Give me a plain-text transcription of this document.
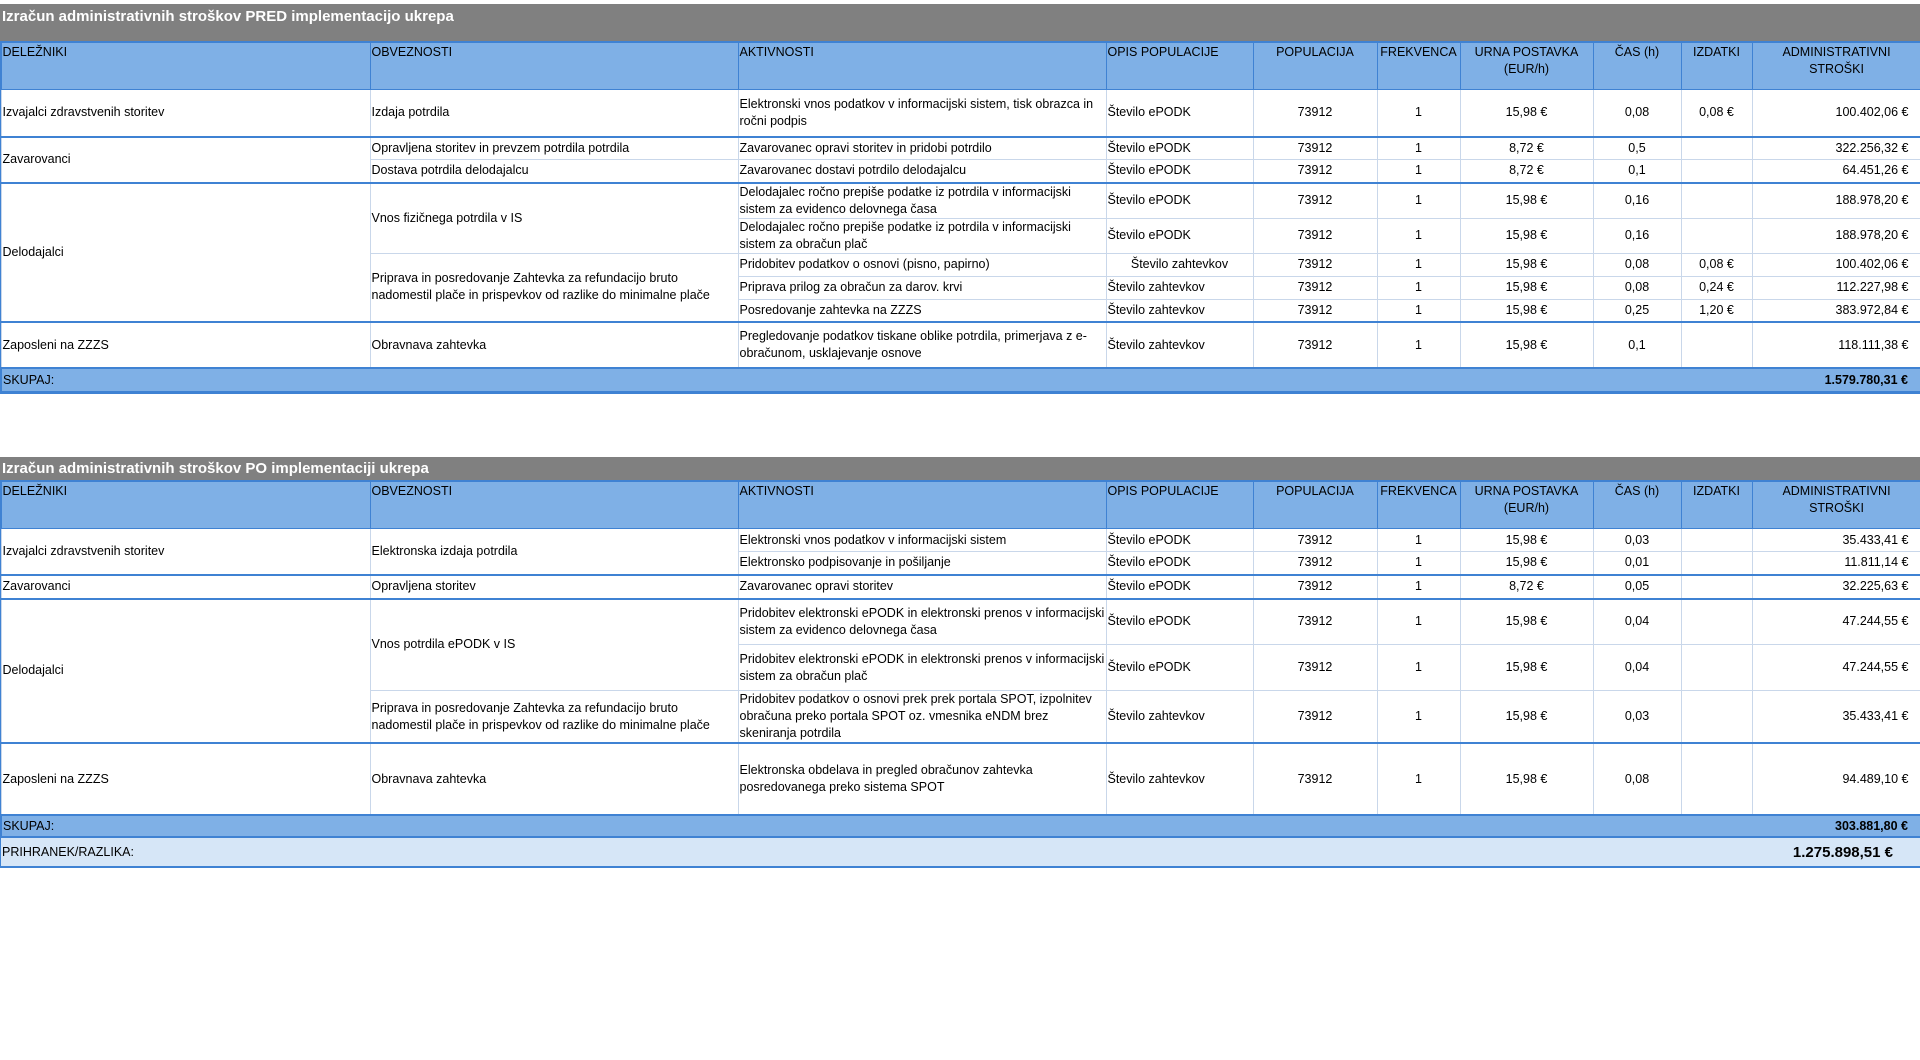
Izračun administrativnih stroškov PRED implementacijo ukrepa
DELEŽNIKI	OBVEZNOSTI	AKTIVNOSTI	OPIS POPULACIJE	POPULACIJA	FREKVENCA	URNA POSTAVKA (EUR/h)	ČAS (h)	IZDATKI	ADMINISTRATIVNI STROŠKI
Izvajalci zdravstvenih storitev	Izdaja potrdila	Elektronski vnos podatkov v informacijski sistem, tisk obrazca in ročni podpis	Število ePODK	73912	1	15,98 €	0,08	0,08 €	100.402,06 €
Zavarovanci	Opravljena storitev in prevzem potrdila potrdila	Zavarovanec opravi storitev in pridobi potrdilo	Število ePODK	73912	1	8,72 €	0,5		322.256,32 €
	Dostava potrdila delodajalcu	Zavarovanec dostavi potrdilo delodajalcu	Število ePODK	73912	1	8,72 €	0,1		64.451,26 €
Delodajalci	Vnos fizičnega potrdila v IS	Delodajalec ročno prepiše podatke iz potrdila v informacijski sistem za evidenco delovnega časa	Število ePODK	73912	1	15,98 €	0,16		188.978,20 €
		Delodajalec ročno prepiše podatke iz potrdila v informacijski sistem za obračun plač	Število ePODK	73912	1	15,98 €	0,16		188.978,20 €
	Priprava in posredovanje Zahtevka za refundacijo bruto nadomestil plače in prispevkov od razlike do minimalne plače	Pridobitev podatkov o osnovi (pisno, papirno)	Število zahtevkov	73912	1	15,98 €	0,08	0,08 €	100.402,06 €
		Priprava prilog za obračun za darov. krvi	Število zahtevkov	73912	1	15,98 €	0,08	0,24 €	112.227,98 €
		Posredovanje zahtevka na ZZZS	Število zahtevkov	73912	1	15,98 €	0,25	1,20 €	383.972,84 €
Zaposleni na ZZZS	Obravnava zahtevka	Pregledovanje podatkov tiskane oblike potrdila, primerjava z e-obračunom, usklajevanje osnove	Število zahtevkov	73912	1	15,98 €	0,1		118.111,38 €
SKUPAJ:									1.579.780,31 €
Izračun administrativnih stroškov PO implementaciji ukrepa
DELEŽNIKI	OBVEZNOSTI	AKTIVNOSTI	OPIS POPULACIJE	POPULACIJA	FREKVENCA	URNA POSTAVKA (EUR/h)	ČAS (h)	IZDATKI	ADMINISTRATIVNI STROŠKI
Izvajalci zdravstvenih storitev	Elektronska izdaja potrdila	Elektronski vnos podatkov v informacijski sistem	Število ePODK	73912	1	15,98 €	0,03		35.433,41 €
		Elektronsko podpisovanje in pošiljanje	Število ePODK	73912	1	15,98 €	0,01		11.811,14 €
Zavarovanci	Opravljena storitev	Zavarovanec opravi storitev	Število ePODK	73912	1	8,72 €	0,05		32.225,63 €
Delodajalci	Vnos potrdila ePODK v IS	Pridobitev elektronski ePODK in elektronski prenos v informacijski sistem za evidenco delovnega časa	Število ePODK	73912	1	15,98 €	0,04		47.244,55 €
		Pridobitev elektronski ePODK in elektronski prenos v informacijski sistem za obračun plač	Število ePODK	73912	1	15,98 €	0,04		47.244,55 €
	Priprava in posredovanje Zahtevka za refundacijo bruto nadomestil plače in prispevkov od razlike do minimalne plače	Pridobitev podatkov o osnovi prek prek portala SPOT, izpolnitev obračuna preko portala SPOT oz. vmesnika eNDM brez skeniranja potrdila	Število zahtevkov	73912	1	15,98 €	0,03		35.433,41 €
Zaposleni na ZZZS	Obravnava zahtevka	Elektronska obdelava in pregled obračunov zahtevka posredovanega preko sistema SPOT	Število zahtevkov	73912	1	15,98 €	0,08		94.489,10 €
SKUPAJ:									303.881,80 €
PRIHRANEK/RAZLIKA:									1.275.898,51 €
